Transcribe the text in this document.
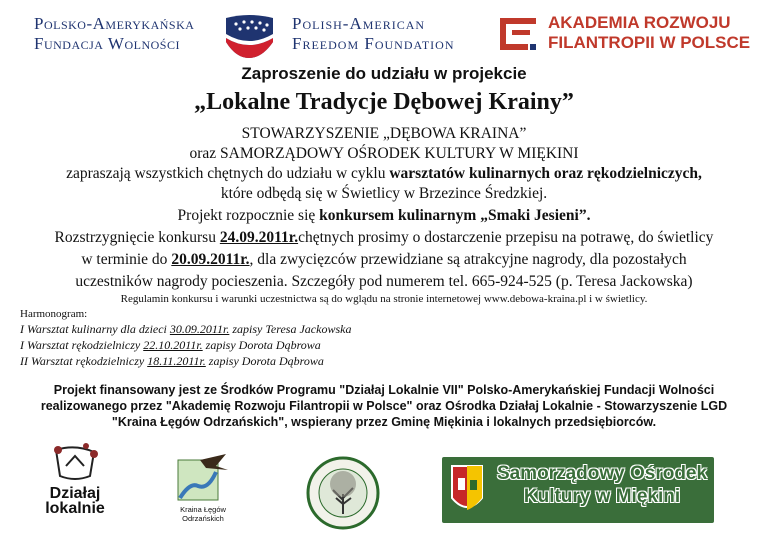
Polsko-Amerykańska
Fundacja Wolności
Polish-American
Freedom Foundation
AKADEMIA ROZWOJU
FILANTROPII W POLSCE
Zaproszenie do udziału w projekcie
„Lokalne Tradycje Dębowej Krainy”
STOWARZYSZENIE „DĘBOWA KRAINA”
oraz SAMORZĄDOWY OŚRODEK KULTURY W MIĘKINI
zapraszają wszystkich chętnych do udziału w cyklu warsztatów kulinarnych oraz rękodzielniczych,
które odbędą się w Świetlicy w Brzezince Średzkiej.
Projekt rozpocznie się konkursem kulinarnym „Smaki Jesieni”.
Rozstrzygnięcie konkursu 24.09.2011r.chętnych prosimy o dostarczenie przepisu na potrawę, do świetlicy
w terminie do 20.09.2011r., dla zwycięzców przewidziane są atrakcyjne nagrody, dla pozostałych
uczestników nagrody pocieszenia. Szczegóły pod numerem tel. 665-924-525 (p. Teresa Jackowska)
Regulamin konkursu i warunki uczestnictwa są do wglądu na stronie internetowej www.debowa-kraina.pl i w świetlicy.
Harmonogram:
I Warsztat kulinarny dla dzieci 30.09.2011r. zapisy Teresa Jackowska
I Warsztat rękodzielniczy 22.10.2011r. zapisy Dorota Dąbrowa
II Warsztat rękodzielniczy 18.11.2011r. zapisy Dorota Dąbrowa
Projekt finansowany jest ze Środków Programu "Działaj Lokalnie VII" Polsko-Amerykańskiej Fundacji Wolności
realizowanego przez "Akademię Rozwoju Filantropii w Polsce" oraz Ośrodka Działaj Lokalnie - Stowarzyszenie LGD
"Kraina Łęgów Odrzańskich", wspierany przez Gminę Miękinia i lokalnych przedsiębiorców.
Działaj
lokalnie	Kraina Łęgów
Odrzańskich
Samorządowy Ośrodek
Kultury w Miękini
